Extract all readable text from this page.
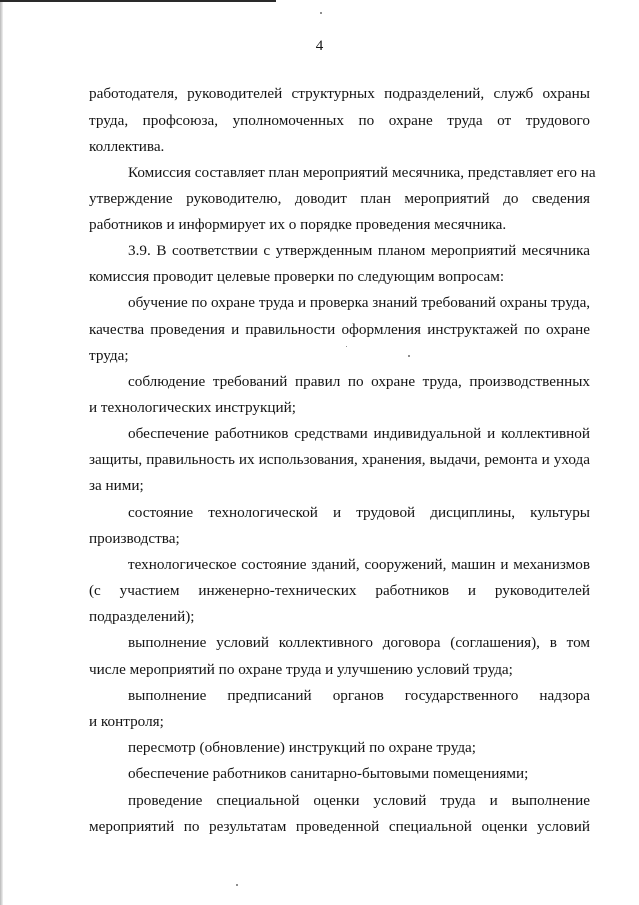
4
работодателя, руководителей структурных подразделений, служб охраны
труда, профсоюза, уполномоченных по охране труда от трудового
коллектива.
Комиссия составляет план мероприятий месячника, представляет его на
утверждение руководителю, доводит план мероприятий до сведения
работников и информирует их о порядке проведения месячника.
3.9. В соответствии с утвержденным планом мероприятий месячника
комиссия проводит целевые проверки по следующим вопросам:
обучение по охране труда и проверка знаний требований охраны труда,
качества проведения и правильности оформления инструктажей по охране
труда;
соблюдение требований правил по охране труда, производственных
и технологических инструкций;
обеспечение работников средствами индивидуальной и коллективной
защиты, правильность их использования, хранения, выдачи, ремонта и ухода
за ними;
состояние технологической и трудовой дисциплины, культуры
производства;
технологическое состояние зданий, сооружений, машин и механизмов
(с участием инженерно-технических работников и руководителей
подразделений);
выполнение условий коллективного договора (соглашения), в том
числе мероприятий по охране труда и улучшению условий труда;
выполнение предписаний органов государственного надзора
и контроля;
пересмотр (обновление) инструкций по охране труда;
обеспечение работников санитарно-бытовыми помещениями;
проведение специальной оценки условий труда и выполнение
мероприятий по результатам проведенной специальной оценки условий
